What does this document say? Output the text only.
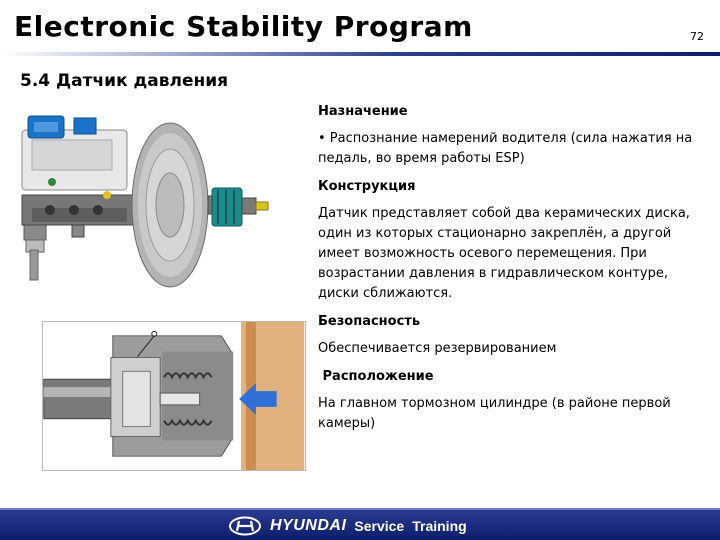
Electronic Stability Program	72
5.4 Датчик давления
Назначение

• Распознание намерений водителя (сила нажатия на педаль, во время работы ESP)

Конструкция

Датчик представляет собой два керамических диска, один из которых стационарно закреплён, а другой имеет возможность осевого перемещения. При возрастании давления в гидравлическом контуре, диски сближаются.

Безопасность

Обеспечивается резервированием

Расположение

На главном тормозном цилиндре (в районе первой камеры)

HYUNDAI Service Training
